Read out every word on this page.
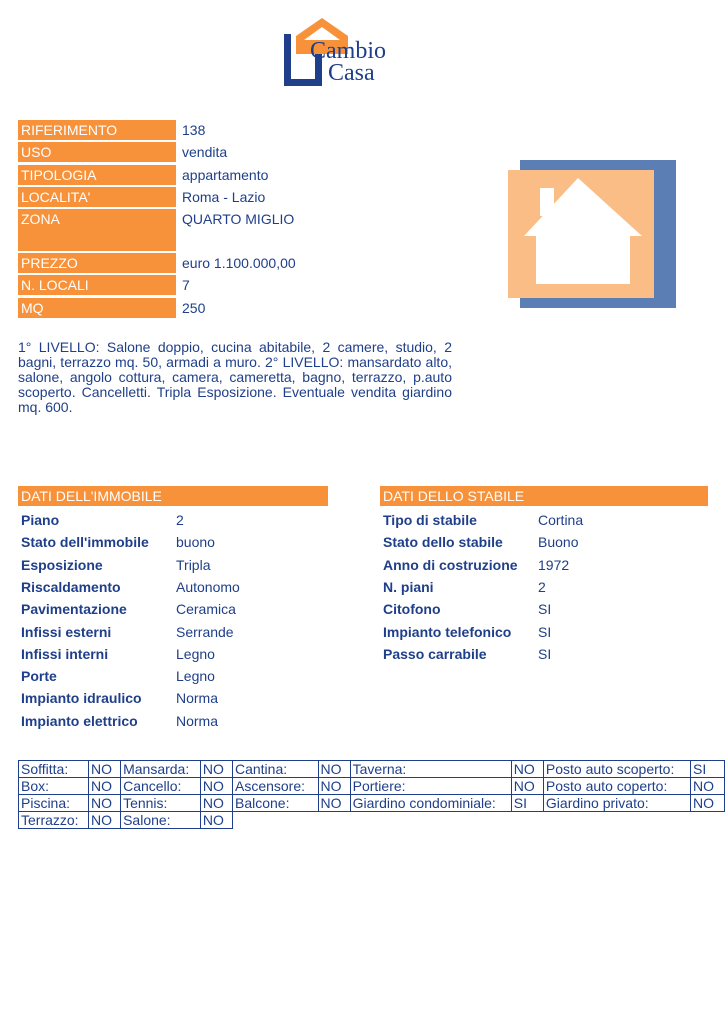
Cambio
Casa
RIFERIMENTO	138
USO	vendita
TIPOLOGIA	appartamento
LOCALITA'	Roma - Lazio
ZONA	QUARTO MIGLIO
PREZZO	euro 1.100.000,00
N. LOCALI	7
MQ	250
1° LIVELLO: Salone doppio, cucina abitabile, 2 camere, studio, 2 bagni, terrazzo mq. 50, armadi a muro. 2° LIVELLO: mansardato alto, salone, angolo cottura, camera, cameretta, bagno, terrazzo, p.auto scoperto. Cancelletti. Tripla Esposizione. Eventuale vendita giardino mq. 600.
DATI DELL'IMMOBILE	DATI DELLO STABILE
Piano	2
Stato dell'immobile buono
Esposizione	Tripla
Riscaldamento	Autonomo
Pavimentazione	Ceramica
Infissi esterni	Serrande
Infissi interni	Legno
Porte	Legno
Impianto idraulico Norma
Impianto elettrico	Norma
Tipo di stabile	Cortina
Stato dello stabile	Buono
Anno di costruzione 1972
N. piani	2
Citofono	SI
Impianto telefonico SI
Passo carrabile	SI
Soffitta:	NO	Mansarda:	NO	Cantina:	NO	Taverna:	NO	Posto auto scoperto:	SI
Box:	NO	Cancello:	NO	Ascensore:	NO	Portiere:	NO	Posto auto coperto:	NO
Piscina:	NO	Tennis:	NO	Balcone:	NO	Giardino condominiale:	SI	Giardino privato:	NO
Terrazzo:	NO	Salone:	NO						
